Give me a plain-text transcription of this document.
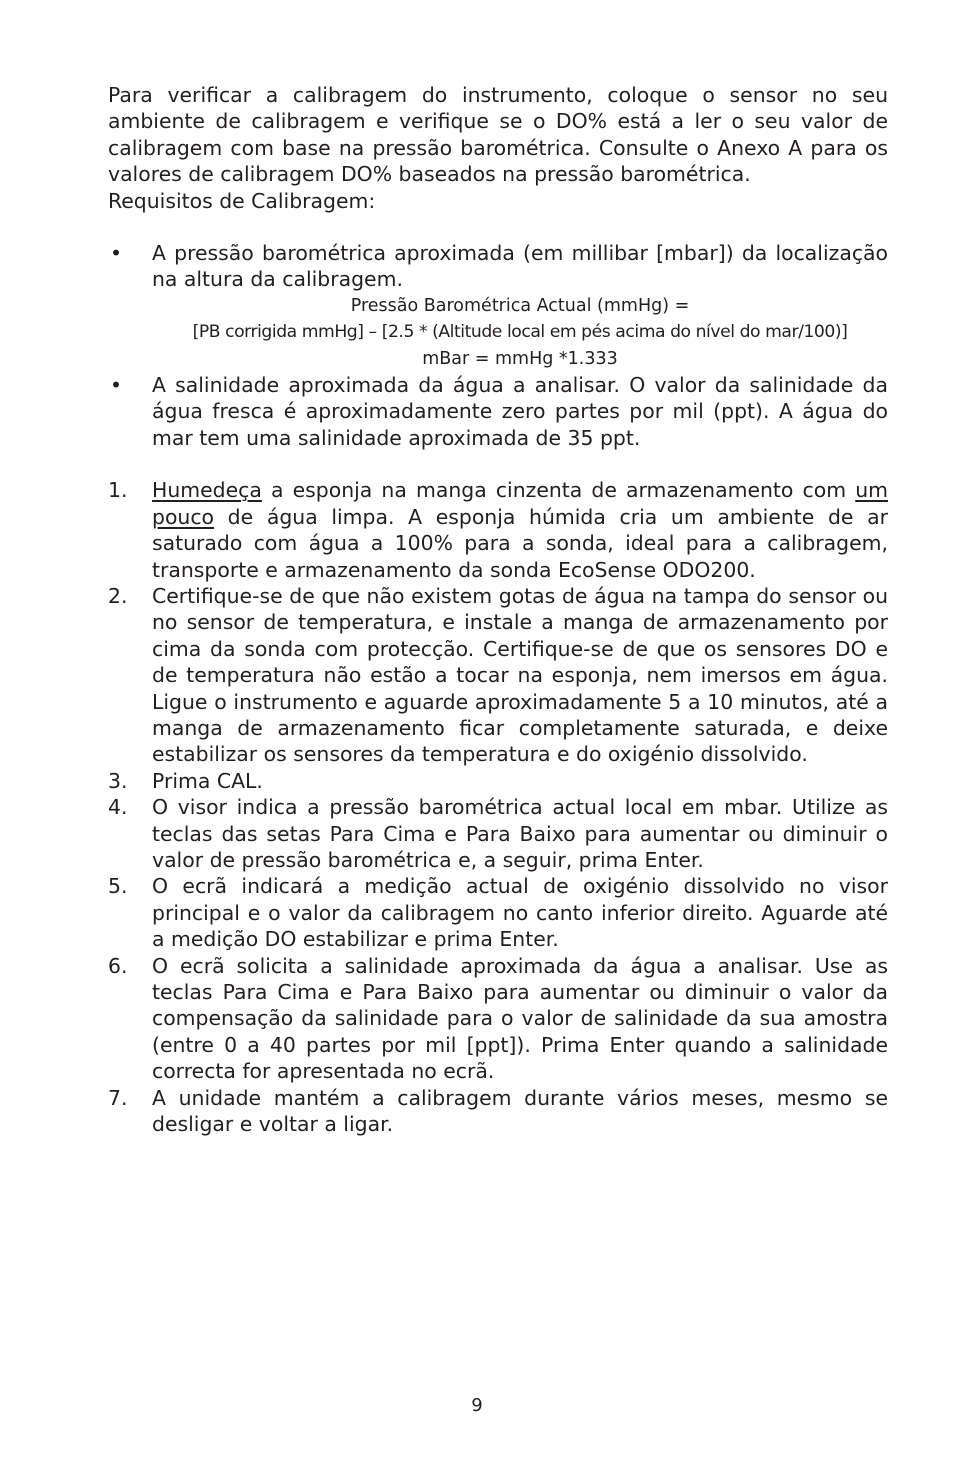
Para verificar a calibragem do instrumento, coloque o sensor no seu ambiente de calibragem e verifique se o DO% está a ler o seu valor de calibragem com base na pressão barométrica. Consulte o Anexo A para os valores de calibragem DO% baseados na pressão barométrica.
Requisitos de Calibragem:

• A pressão barométrica aproximada (em millibar [mbar]) da localização na altura da calibragem.
Pressão Barométrica Actual (mmHg) =
[PB corrigida mmHg] – [2.5 * (Altitude local em pés acima do nível do mar/100)]
mBar = mmHg *1.333
• A salinidade aproximada da água a analisar. O valor da salinidade da água fresca é aproximadamente zero partes por mil (ppt). A água do mar tem uma salinidade aproximada de 35 ppt.
1. Humedeça a esponja na manga cinzenta de armazenamento com um pouco de água limpa. A esponja húmida cria um ambiente de ar saturado com água a 100% para a sonda, ideal para a calibragem, transporte e armazenamento da sonda EcoSense ODO200.
2. Certifique-se de que não existem gotas de água na tampa do sensor ou no sensor de temperatura, e instale a manga de armazenamento por cima da sonda com protecção. Certifique-se de que os sensores DO e de temperatura não estão a tocar na esponja, nem imersos em água. Ligue o instrumento e aguarde aproximadamente 5 a 10 minutos, até a manga de armazenamento ficar completamente saturada, e deixe estabilizar os sensores da temperatura e do oxigénio dissolvido.
3. Prima CAL.
4. O visor indica a pressão barométrica actual local em mbar. Utilize as teclas das setas Para Cima e Para Baixo para aumentar ou diminuir o valor de pressão barométrica e, a seguir, prima Enter.
5. O ecrã indicará a medição actual de oxigénio dissolvido no visor principal e o valor da calibragem no canto inferior direito. Aguarde até a medição DO estabilizar e prima Enter.
6. O ecrã solicita a salinidade aproximada da água a analisar. Use as teclas Para Cima e Para Baixo para aumentar ou diminuir o valor da compensação da salinidade para o valor de salinidade da sua amostra (entre 0 a 40 partes por mil [ppt]). Prima Enter quando a salinidade correcta for apresentada no ecrã.
7. A unidade mantém a calibragem durante vários meses, mesmo se desligar e voltar a ligar.
9
